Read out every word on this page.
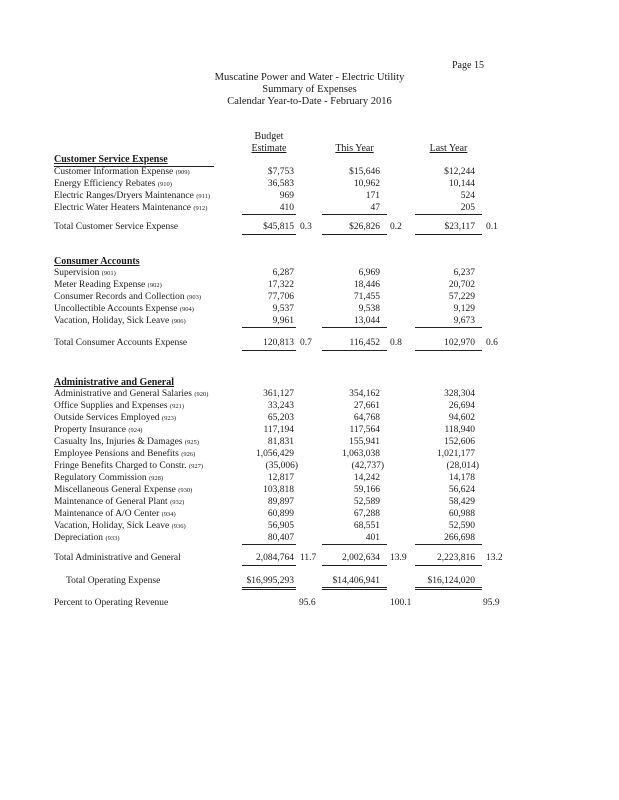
Page 15
Muscatine Power and Water - Electric Utility
Summary of Expenses
Calendar Year-to-Date - February 2016
Budget
Estimate	This Year	Last Year
Customer Service Expense
Customer Information Expense (909)	$7,753	$15,646	$12,244
Energy Efficiency Rebates (910)	36,583	10,962	10,144
Electric Ranges/Dryers Maintenance (911)	969	171	524
Electric Water Heaters Maintenance (912)	410	47	205
Total Customer Service Expense	$45,815 0.3	$26,826 0.2	$23,117 0.1
Consumer Accounts
Supervision (901)	6,287	6,969	6,237
Meter Reading Expense (902)	17,322	18,446	20,702
Consumer Records and Collection (903)	77,706	71,455	57,229
Uncollectible Accounts Expense (904)	9,537	9,538	9,129
Vacation, Holiday, Sick Leave (906)	9,961	13,044	9,673
Total Consumer Accounts Expense	120,813 0.7	116,452 0.8	102,970 0.6
Administrative and General
Administrative and General Salaries (920)	361,127	354,162	328,304
Office Supplies and Expenses (921)	33,243	27,661	26,694
Outside Services Employed (923)	65,203	64,768	94,602
Property Insurance (924)	117,194	117,564	118,940
Casualty Ins, Injuries & Damages (925)	81,831	155,941	152,606
Employee Pensions and Benefits (926)	1,056,429	1,063,038	1,021,177
Fringe Benefits Charged to Constr. (927)	(35,006)	(42,737)	(28,014)
Regulatory Commission (928)	12,817	14,242	14,178
Miscellaneous General Expense (930)	103,818	59,166	56,624
Maintenance of General Plant (932)	89,897	52,589	58,429
Maintenance of A/O Center (934)	60,899	67,288	60,988
Vacation, Holiday, Sick Leave (936)	56,905	68,551	52,590
Depreciation (933)	80,407	401	266,698
Total Administrative and General	2,084,764 11.7	2,002,634 13.9	2,223,816 13.2
Total Operating Expense	$16,995,293	$14,406,941	$16,124,020
Percent to Operating Revenue	95.6	100.1	95.9
